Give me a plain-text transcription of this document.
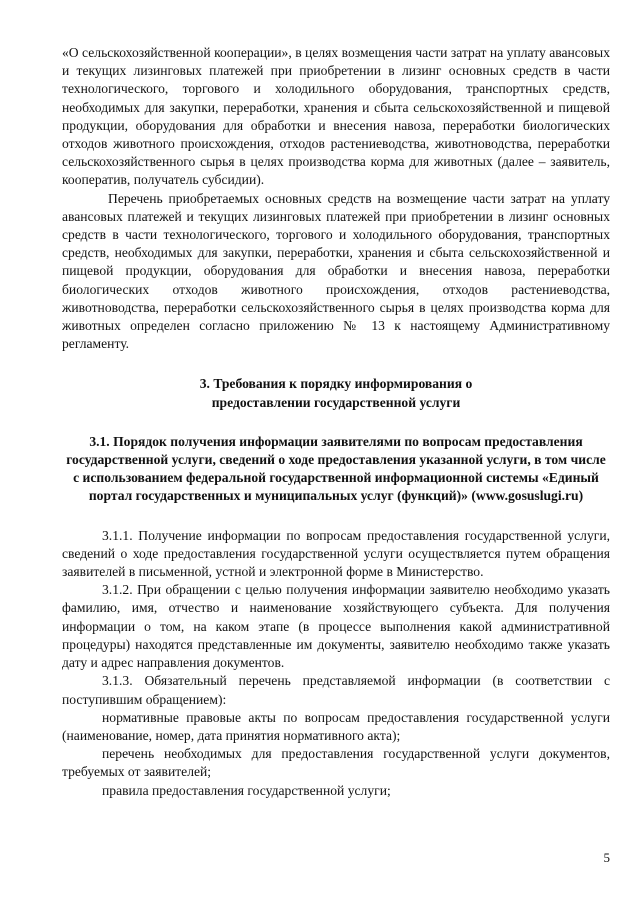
«О сельскохозяйственной кооперации», в целях возмещения части затрат на уплату авансовых и текущих лизинговых платежей при приобретении в лизинг основных средств в части технологического, торгового и холодильного оборудования, транспортных средств, необходимых для закупки, переработки, хранения и сбыта сельскохозяйственной и пищевой продукции, оборудования для обработки и внесения навоза, переработки биологических отходов животного происхождения, отходов растениеводства, животноводства, переработки сельскохозяйственного сырья в целях производства корма для животных (далее – заявитель, кооператив, получатель субсидии).

Перечень приобретаемых основных средств на возмещение части затрат на уплату авансовых платежей и текущих лизинговых платежей при приобретении в лизинг основных средств в части технологического, торгового и холодильного оборудования, транспортных средств, необходимых для закупки, переработки, хранения и сбыта сельскохозяйственной и пищевой продукции, оборудования для обработки и внесения навоза, переработки биологических отходов животного происхождения, отходов растениеводства, животноводства, переработки сельскохозяйственного сырья в целях производства корма для животных определен согласно приложению № 13 к настоящему Административному регламенту.

3. Требования к порядку информирования о предоставлении государственной услуги
3.1. Порядок получения информации заявителями по вопросам предоставления государственной услуги, сведений о ходе предоставления указанной услуги, в том числе с использованием федеральной государственной информационной системы «Единый портал государственных и муниципальных услуг (функций)» (www.gosuslugi.ru)

3.1.1. Получение информации по вопросам предоставления государственной услуги, сведений о ходе предоставления государственной услуги осуществляется путем обращения заявителей в письменной, устной и электронной форме в Министерство.

3.1.2. При обращении с целью получения информации заявителю необходимо указать фамилию, имя, отчество и наименование хозяйствующего субъекта. Для получения информации о том, на каком этапе (в процессе выполнения какой административной процедуры) находятся представленные им документы, заявителю необходимо также указать дату и адрес направления документов.

3.1.3. Обязательный перечень представляемой информации (в соответствии с поступившим обращением):

нормативные правовые акты по вопросам предоставления государственной услуги (наименование, номер, дата принятия нормативного акта);

перечень необходимых для предоставления государственной услуги документов, требуемых от заявителей;

правила предоставления государственной услуги;

5
